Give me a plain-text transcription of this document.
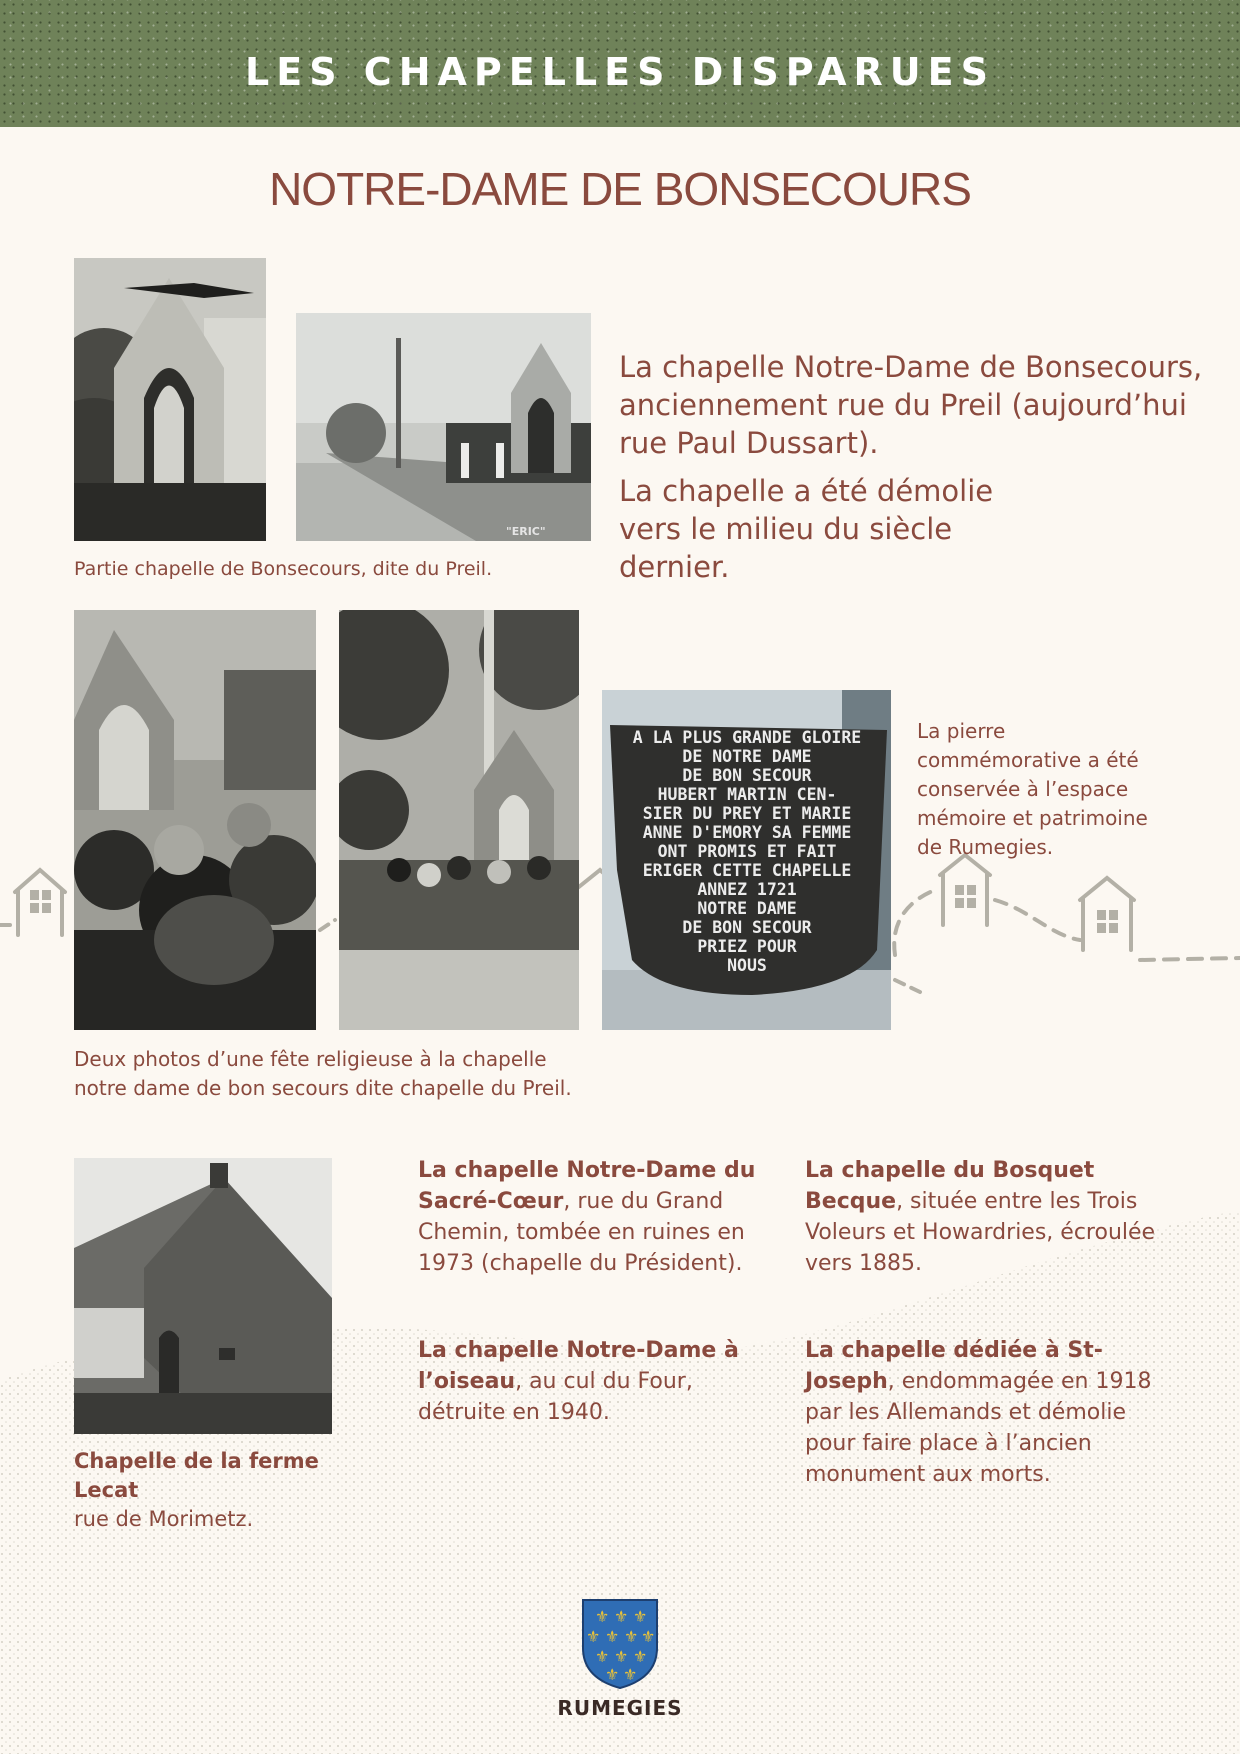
LES CHAPELLES DISPARUES
NOTRE-DAME DE BONSECOURS
"ERIC"
Partie chapelle de Bonsecours, dite du Preil.

La chapelle Notre-Dame de Bonsecours, anciennement rue du Preil (aujourd’hui rue Paul Dussart).

La chapelle a été démolie vers le milieu du siècle dernier.

A LA PLUS GRANDE GLOIRE
DE NOTRE DAME
DE BON SECOUR
HUBERT MARTIN CEN-
SIER DU PREY ET MARIE
ANNE D'EMORY SA FEMME
ONT PROMIS ET FAIT
ERIGER CETTE CHAPELLE
ANNEZ 1721
NOTRE DAME
DE BON SECOUR
PRIEZ POUR
NOUS
La pierre commémorative a été conservée à l’espace mémoire et patrimoine de Rumegies.
Deux photos d’une fête religieuse à la chapelle notre dame de bon secours dite chapelle du Preil.
Chapelle de la ferme Lecat
rue de Morimetz.
La chapelle Notre-Dame du Sacré-Cœur, rue du Grand Chemin, tombée en ruines en 1973 (chapelle du Président).
La chapelle du Bosquet Becque, située entre les Trois Voleurs et Howardries, écroulée vers 1885.
La chapelle Notre-Dame à l’oiseau, au cul du Four, détruite en 1940.
La chapelle dédiée à St-Joseph, endommagée en 1918 par les Allemands et démolie pour faire place à l’ancien monument aux morts.
⚜ ⚜ ⚜
⚜ ⚜ ⚜ ⚜
⚜ ⚜ ⚜
⚜ ⚜
RUMEGIES
